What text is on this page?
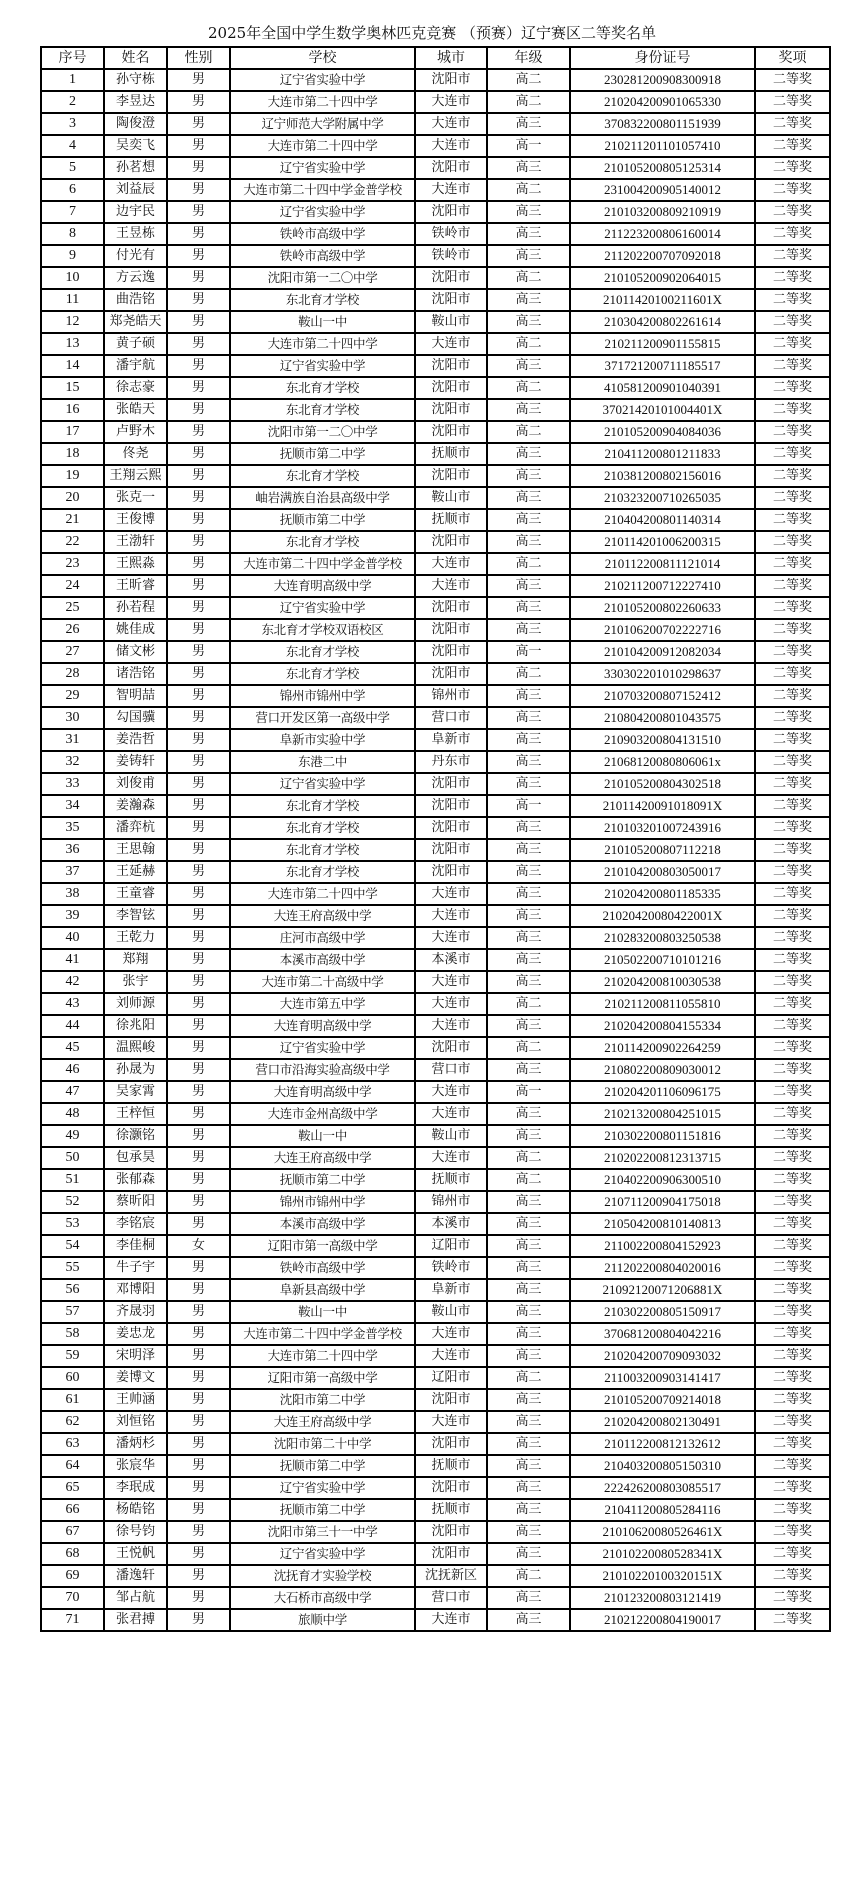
2025年全国中学生数学奥林匹克竞赛 （预赛）辽宁赛区二等奖名单
序号	姓名	性别	学校	城市	年级	身份证号	奖项
1	孙守栋	男	辽宁省实验中学	沈阳市	高二	230281200908300918	二等奖
2	李昱达	男	大连市第二十四中学	大连市	高二	210204200901065330	二等奖
3	陶俊澄	男	辽宁师范大学附属中学	大连市	高三	370832200801151939	二等奖
4	吴奕飞	男	大连市第二十四中学	大连市	高一	210211201101057410	二等奖
5	孙茗想	男	辽宁省实验中学	沈阳市	高三	210105200805125314	二等奖
6	刘益辰	男	大连市第二十四中学金普学校	大连市	高二	231004200905140012	二等奖
7	边宇民	男	辽宁省实验中学	沈阳市	高三	210103200809210919	二等奖
8	王昱栋	男	铁岭市高级中学	铁岭市	高三	211223200806160014	二等奖
9	付光有	男	铁岭市高级中学	铁岭市	高三	211202200707092018	二等奖
10	方云逸	男	沈阳市第一二〇中学	沈阳市	高二	210105200902064015	二等奖
11	曲浩铭	男	东北育才学校	沈阳市	高三	21011420100211601X	二等奖
12	郑尧皓天	男	鞍山一中	鞍山市	高三	210304200802261614	二等奖
13	黄子硕	男	大连市第二十四中学	大连市	高二	210211200901155815	二等奖
14	潘宇航	男	辽宁省实验中学	沈阳市	高三	371721200711185517	二等奖
15	徐志豪	男	东北育才学校	沈阳市	高二	410581200901040391	二等奖
16	张皓天	男	东北育才学校	沈阳市	高三	37021420101004401X	二等奖
17	卢野木	男	沈阳市第一二〇中学	沈阳市	高二	210105200904084036	二等奖
18	佟尧	男	抚顺市第二中学	抚顺市	高三	210411200801211833	二等奖
19	王翔云熙	男	东北育才学校	沈阳市	高三	210381200802156016	二等奖
20	张克一	男	岫岩满族自治县高级中学	鞍山市	高三	210323200710265035	二等奖
21	王俊博	男	抚顺市第二中学	抚顺市	高三	210404200801140314	二等奖
22	王渤轩	男	东北育才学校	沈阳市	高三	210114201006200315	二等奖
23	王熙淼	男	大连市第二十四中学金普学校	大连市	高二	210112200811121014	二等奖
24	王昕睿	男	大连育明高级中学	大连市	高三	210211200712227410	二等奖
25	孙若程	男	辽宁省实验中学	沈阳市	高三	210105200802260633	二等奖
26	姚佳成	男	东北育才学校双语校区	沈阳市	高三	210106200702222716	二等奖
27	储文彬	男	东北育才学校	沈阳市	高一	210104200912082034	二等奖
28	诸浩铭	男	东北育才学校	沈阳市	高二	330302201010298637	二等奖
29	智明喆	男	锦州市锦州中学	锦州市	高三	210703200807152412	二等奖
30	勾国骥	男	营口开发区第一高级中学	营口市	高三	210804200801043575	二等奖
31	姜浩哲	男	阜新市实验中学	阜新市	高三	210903200804131510	二等奖
32	姜铸轩	男	东港二中	丹东市	高三	21068120080806061x	二等奖
33	刘俊甫	男	辽宁省实验中学	沈阳市	高三	210105200804302518	二等奖
34	姜瀚森	男	东北育才学校	沈阳市	高一	21011420091018091X	二等奖
35	潘弈杭	男	东北育才学校	沈阳市	高三	210103201007243916	二等奖
36	王思翰	男	东北育才学校	沈阳市	高三	210105200807112218	二等奖
37	王延赫	男	东北育才学校	沈阳市	高三	210104200803050017	二等奖
38	王童睿	男	大连市第二十四中学	大连市	高三	210204200801185335	二等奖
39	李智铉	男	大连王府高级中学	大连市	高三	21020420080422001X	二等奖
40	王乾力	男	庄河市高级中学	大连市	高三	210283200803250538	二等奖
41	郑翔	男	本溪市高级中学	本溪市	高三	210502200710101216	二等奖
42	张宇	男	大连市第二十高级中学	大连市	高三	210204200810030538	二等奖
43	刘师源	男	大连市第五中学	大连市	高二	210211200811055810	二等奖
44	徐兆阳	男	大连育明高级中学	大连市	高三	210204200804155334	二等奖
45	温熙峻	男	辽宁省实验中学	沈阳市	高二	210114200902264259	二等奖
46	孙晟为	男	营口市沿海实验高级中学	营口市	高三	210802200809030012	二等奖
47	吴家霄	男	大连育明高级中学	大连市	高一	210204201106096175	二等奖
48	王梓恒	男	大连市金州高级中学	大连市	高三	210213200804251015	二等奖
49	徐灏铭	男	鞍山一中	鞍山市	高三	210302200801151816	二等奖
50	包承昊	男	大连王府高级中学	大连市	高二	210202200812313715	二等奖
51	张郁森	男	抚顺市第二中学	抚顺市	高二	210402200906300510	二等奖
52	蔡昕阳	男	锦州市锦州中学	锦州市	高三	210711200904175018	二等奖
53	李铭宸	男	本溪市高级中学	本溪市	高三	210504200810140813	二等奖
54	李佳桐	女	辽阳市第一高级中学	辽阳市	高三	211002200804152923	二等奖
55	牛子宇	男	铁岭市高级中学	铁岭市	高三	211202200804020016	二等奖
56	邓博阳	男	阜新县高级中学	阜新市	高三	21092120071206881X	二等奖
57	齐晟羽	男	鞍山一中	鞍山市	高三	210302200805150917	二等奖
58	姜忠龙	男	大连市第二十四中学金普学校	大连市	高三	370681200804042216	二等奖
59	宋明泽	男	大连市第二十四中学	大连市	高三	210204200709093032	二等奖
60	姜博文	男	辽阳市第一高级中学	辽阳市	高二	211003200903141417	二等奖
61	王帅涵	男	沈阳市第二中学	沈阳市	高三	210105200709214018	二等奖
62	刘恒铭	男	大连王府高级中学	大连市	高三	210204200802130491	二等奖
63	潘炳杉	男	沈阳市第二十中学	沈阳市	高三	210112200812132612	二等奖
64	张宸华	男	抚顺市第二中学	抚顺市	高三	210403200805150310	二等奖
65	李珉成	男	辽宁省实验中学	沈阳市	高三	222426200803085517	二等奖
66	杨皓铭	男	抚顺市第二中学	抚顺市	高三	210411200805284116	二等奖
67	徐号钧	男	沈阳市第三十一中学	沈阳市	高三	21010620080526461X	二等奖
68	王悦帆	男	辽宁省实验中学	沈阳市	高三	21010220080528341X	二等奖
69	潘逸轩	男	沈抚育才实验学校	沈抚新区	高二	21010220100320151X	二等奖
70	邹占航	男	大石桥市高级中学	营口市	高三	210123200803121419	二等奖
71	张君搏	男	旅顺中学	大连市	高三	210212200804190017	二等奖
